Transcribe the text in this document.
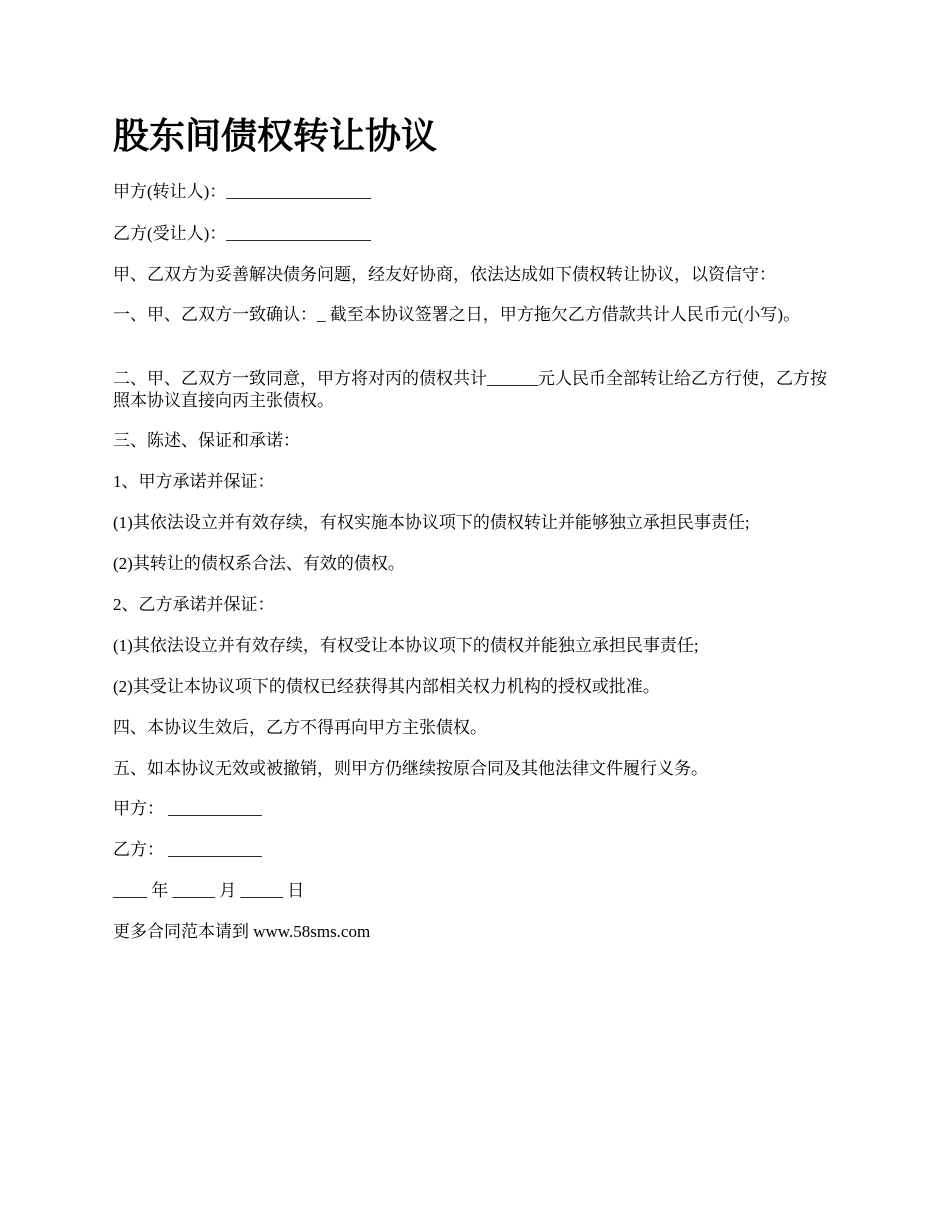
股东间债权转让协议

甲方(转让人)：_________________

乙方(受让人)：_________________

甲、乙双方为妥善解决债务问题，经友好协商，依法达成如下债权转让协议，以资信守：

一、甲、乙双方一致确认：_ 截至本协议签署之日，甲方拖欠乙方借款共计人民币元(小写)。

二、甲、乙双方一致同意，甲方将对丙的债权共计______元人民币全部转让给乙方行使，乙方按照本协议直接向丙主张债权。

三、陈述、保证和承诺：

1、甲方承诺并保证：

(1)其依法设立并有效存续，有权实施本协议项下的债权转让并能够独立承担民事责任;

(2)其转让的债权系合法、有效的债权。

2、乙方承诺并保证：

(1)其依法设立并有效存续，有权受让本协议项下的债权并能独立承担民事责任;

(2)其受让本协议项下的债权已经获得其内部相关权力机构的授权或批准。

四、本协议生效后，乙方不得再向甲方主张债权。

五、如本协议无效或被撤销，则甲方仍继续按原合同及其他法律文件履行义务。

甲方： ___________

乙方： ___________

____ 年 _____ 月 _____ 日

更多合同范本请到 www.58sms.com
